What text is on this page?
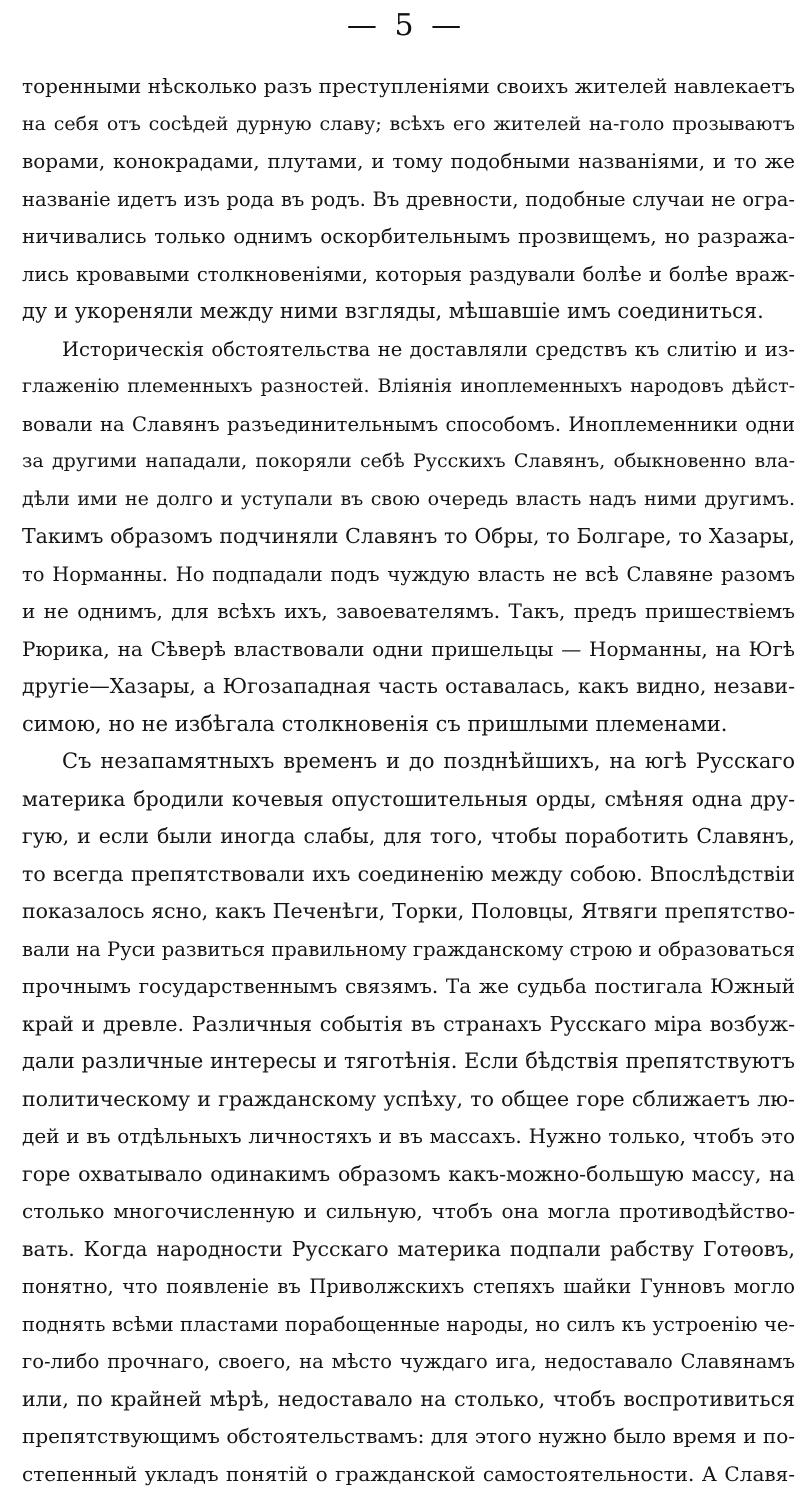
— 5 —
торенными нѣсколько разъ преступленiями своихъ жителей навлекаетъ
на себя отъ сосѣдей дурную славу; всѣхъ его жителей на-голо прозываютъ
ворами, конокрадами, плутами, и тому подобными названiями, и то же
названiе идетъ изъ рода въ родъ. Въ древности, подобные случаи не огра-
ничивались только однимъ оскорбительнымъ прозвищемъ, но разража-
лись кровавыми столкновенiями, которыя раздували болѣе и болѣе враж-
ду и укореняли между ними взгляды, мѣшавшiе имъ соединиться.
Историческiя обстоятельства не доставляли средствъ къ слитiю и из-
глаженiю племенныхъ разностей. Влiянiя иноплеменныхъ народовъ дѣйст-
вовали на Славянъ разъединительнымъ способомъ. Иноплеменники одни
за другими нападали, покоряли себѣ Русскихъ Славянъ, обыкновенно вла-
дѣли ими не долго и уступали въ свою очередь власть надъ ними другимъ.
Такимъ образомъ подчиняли Славянъ то Обры, то Болгаре, то Хазары,
то Норманны. Но подпадали подъ чуждую власть не всѣ Славяне разомъ
и не однимъ, для всѣхъ ихъ, завоевателямъ. Такъ, предъ пришествiемъ
Рюрика, на Сѣверѣ властвовали одни пришельцы — Норманны, на Югѣ
другiе—Хазары, а Югозападная часть оставалась, какъ видно, незави-
симою, но не избѣгала столкновенiя съ пришлыми племенами.
Съ незапамятныхъ временъ и до позднѣйшихъ, на югѣ Русскаго
материка бродили кочевыя опустошительныя орды, смѣняя одна дру-
гую, и если были иногда слабы, для того, чтобы поработить Славянъ,
то всегда препятствовали ихъ соединенiю между собою. Впослѣдствiи
показалось ясно, какъ Печенѣги, Торки, Половцы, Ятвяги препятство-
вали на Руси развиться правильному гражданскому строю и образоваться
прочнымъ государственнымъ связямъ. Та же судьба постигала Южный
край и древле. Различныя событiя въ странахъ Русскаго мiра возбуж-
дали различные интересы и тяготѣнiя. Если бѣдствiя препятствуютъ
политическому и гражданскому успѣху, то общее горе сближаетъ лю-
дей и въ отдѣльныхъ личностяхъ и въ массахъ. Нужно только, чтобъ это
горе охватывало одинакимъ образомъ какъ-можно-большую массу, на
столько многочисленную и сильную, чтобъ она могла противодѣйство-
вать. Когда народности Русскаго материка подпали рабству Готѳовъ,
понятно, что появленiе въ Приволжскихъ степяхъ шайки Гунновъ могло
поднять всѣми пластами порабощенные народы, но силъ къ устроенiю че-
го-либо прочнаго, своего, на мѣсто чуждаго ига, недоставало Славянамъ
или, по крайней мѣрѣ, недоставало на столько, чтобъ воспротивиться
препятствующимъ обстоятельствамъ: для этого нужно было время и по-
степенный укладъ понятiй о гражданской самостоятельности. А Славя-
